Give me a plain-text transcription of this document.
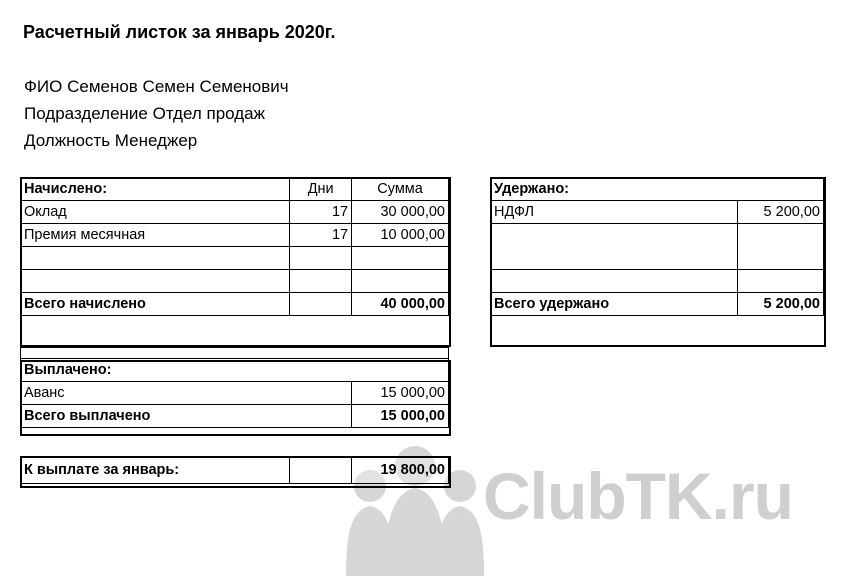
Расчетный листок за январь 2020г.
ФИО Семенов Семен Семенович
Подразделение Отдел продаж
Должность Менеджер
Начислено:	Дни	Сумма
Оклад	17	30 000,00
Премия месячная	17	10 000,00

Всего начислено		40 000,00
Удержано:	
НДФЛ	5 200,00

Всего удержано	5 200,00

Выплачено:	
Аванс	15 000,00
Всего выплачено	15 000,00
ClubTK.ru
К выплате за январь:		19 800,00
